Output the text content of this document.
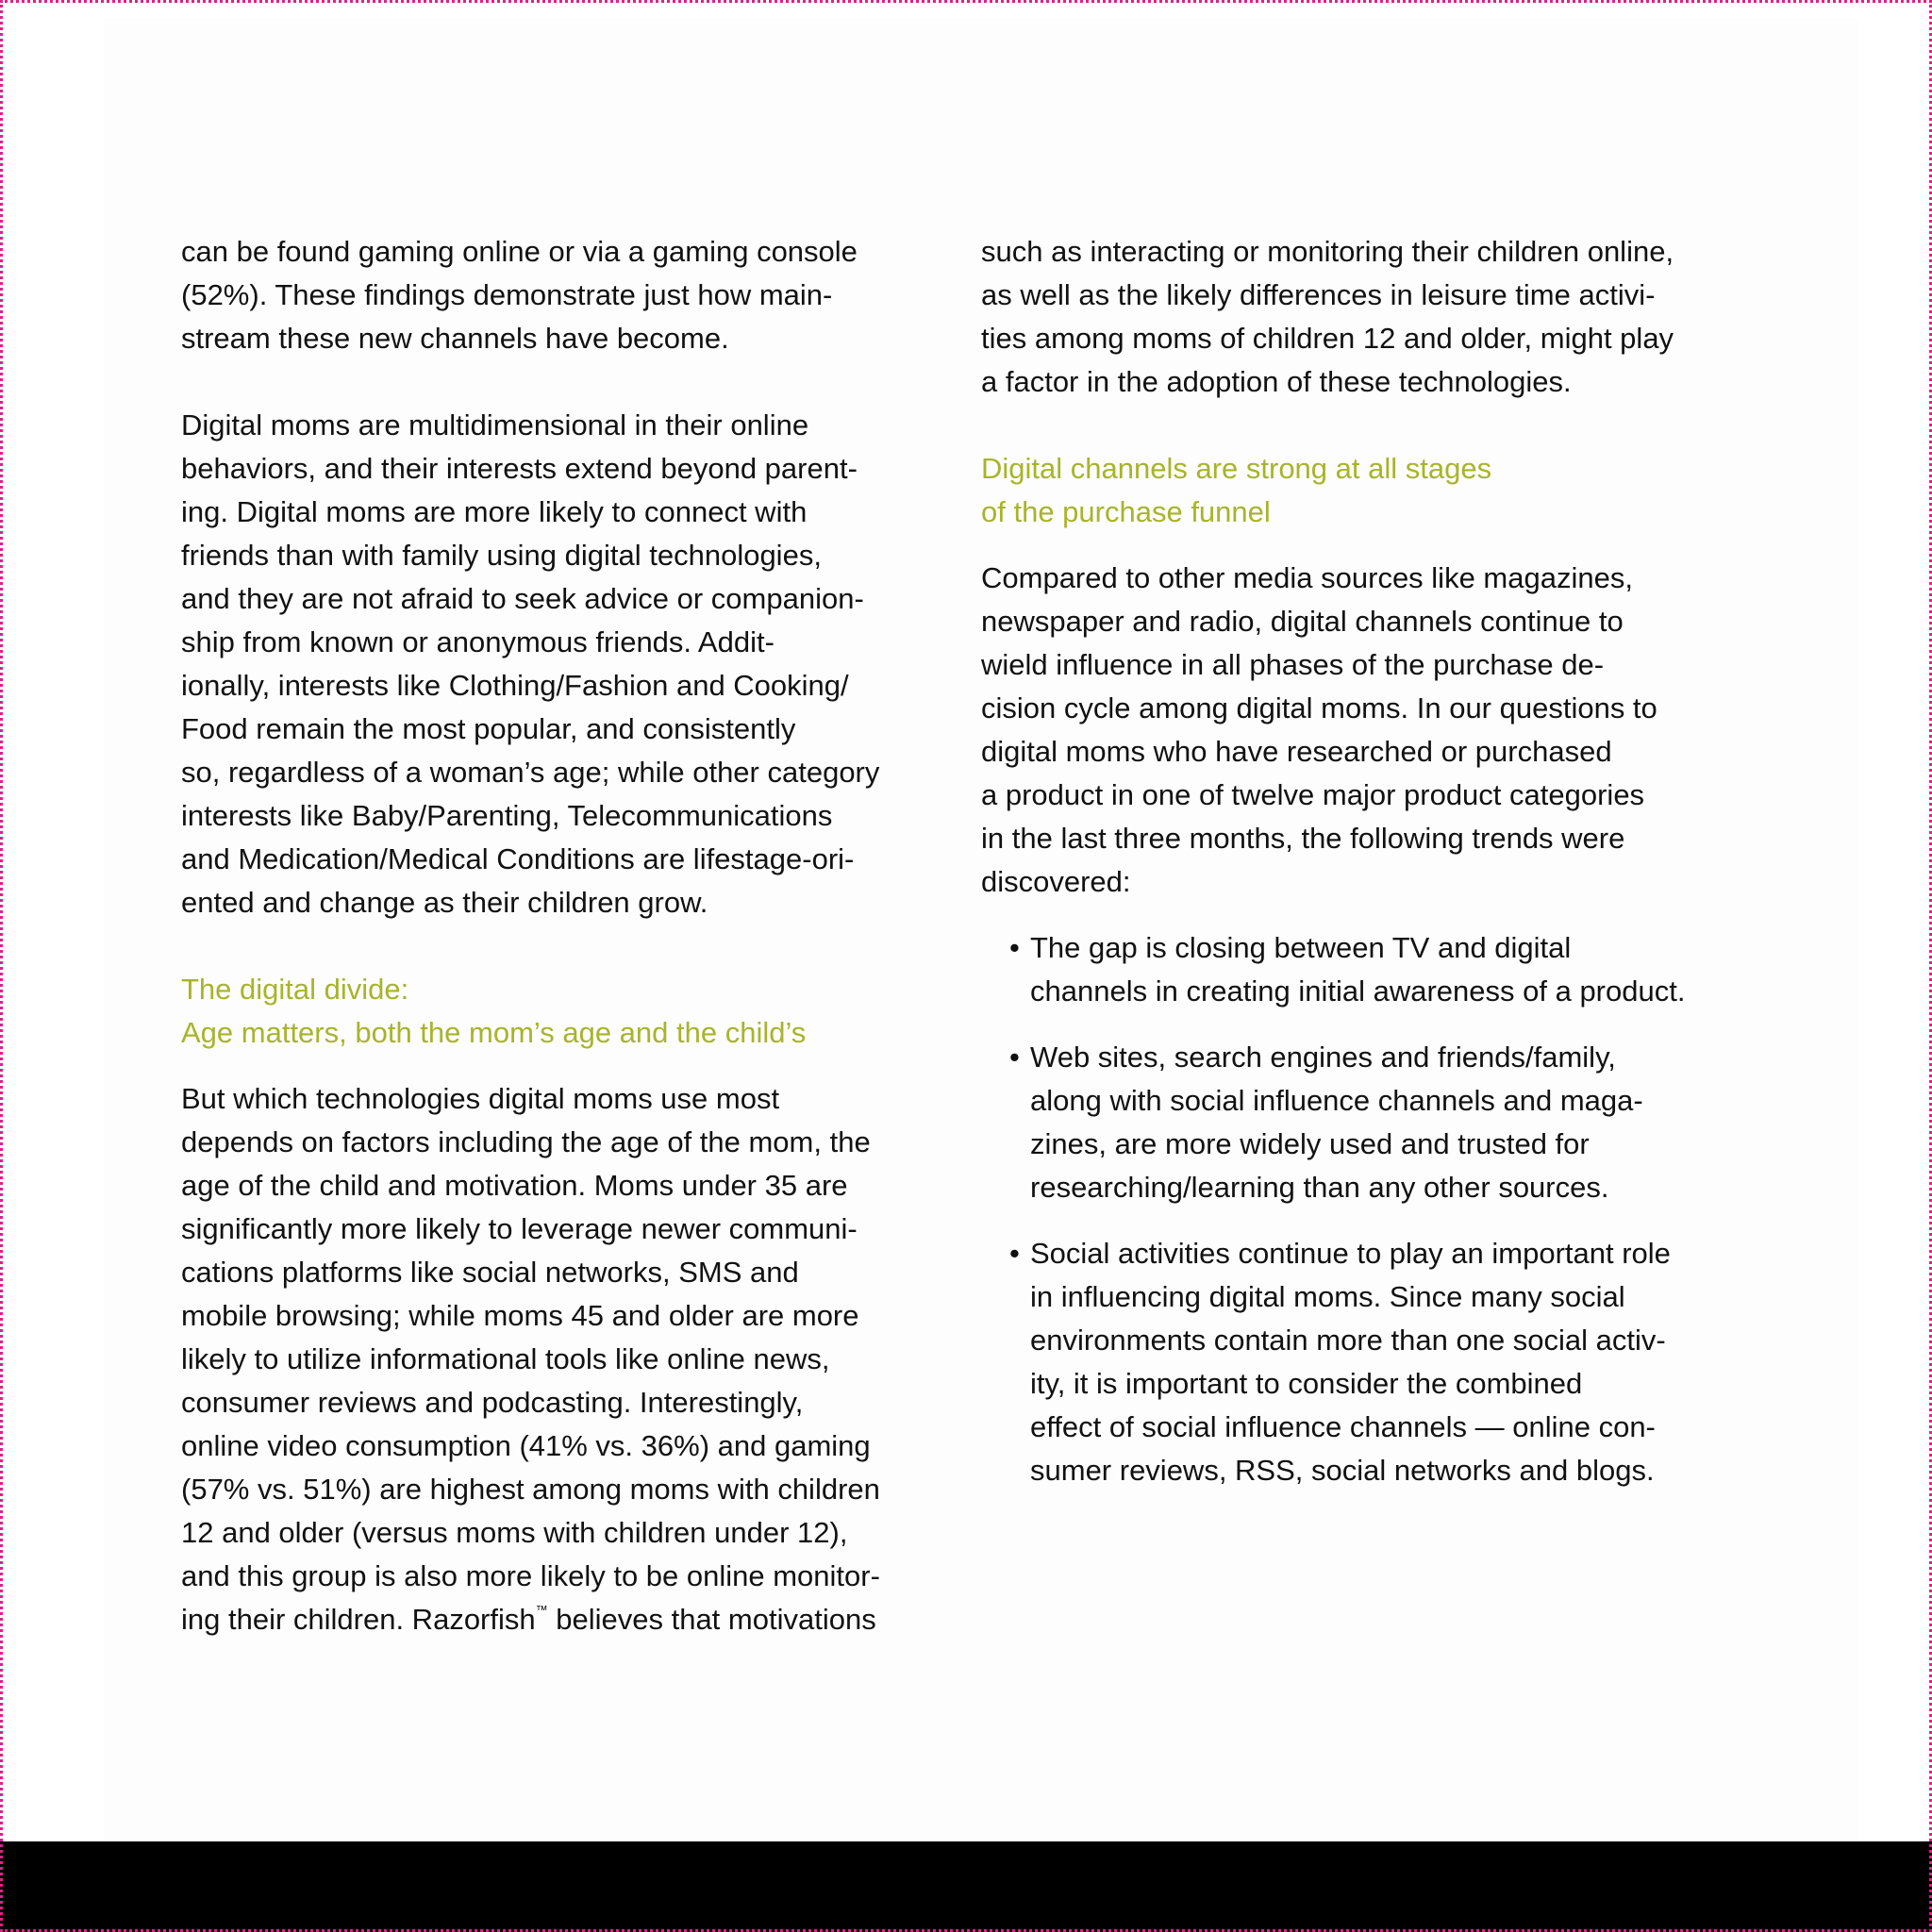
can be found gaming online or via a gaming console
(52%). These findings demonstrate just how main-
stream these new channels have become.

Digital moms are multidimensional in their online
behaviors, and their interests extend beyond parent-
ing. Digital moms are more likely to connect with
friends than with family using digital technologies,
and they are not afraid to seek advice or companion-
ship from known or anonymous friends. Addit-
ionally, interests like Clothing/Fashion and Cooking/
Food remain the most popular, and consistently
so, regardless of a woman’s age; while other category
interests like Baby/Parenting, Telecommunications
and Medication/Medical Conditions are lifestage-ori-
ented and change as their children grow.

The digital divide:
Age matters, both the mom’s age and the child’s

But which technologies digital moms use most
depends on factors including the age of the mom, the
age of the child and motivation. Moms under 35 are
significantly more likely to leverage newer communi-
cations platforms like social networks, SMS and
mobile browsing; while moms 45 and older are more
likely to utilize informational tools like online news,
consumer reviews and podcasting. Interestingly,
online video consumption (41% vs. 36%) and gaming
(57% vs. 51%) are highest among moms with children
12 and older (versus moms with children under 12),
and this group is also more likely to be online monitor-
ing their children. Razorfish™ believes that motivations

such as interacting or monitoring their children online,
as well as the likely differences in leisure time activi-
ties among moms of children 12 and older, might play
a factor in the adoption of these technologies.

Digital channels are strong at all stages
of the purchase funnel

Compared to other media sources like magazines,
newspaper and radio, digital channels continue to
wield influence in all phases of the purchase de-
cision cycle among digital moms. In our questions to
digital moms who have researched or purchased
a product in one of twelve major product categories
in the last three months, the following trends were
discovered:

• The gap is closing between TV and digital
channels in creating initial awareness of a product.

• Web sites, search engines and friends/family,
along with social influence channels and maga-
zines, are more widely used and trusted for
researching/learning than any other sources.

• Social activities continue to play an important role
in influencing digital moms. Since many social
environments contain more than one social activ-
ity, it is important to consider the combined
effect of social influence channels — online con-
sumer reviews, RSS, social networks and blogs.
